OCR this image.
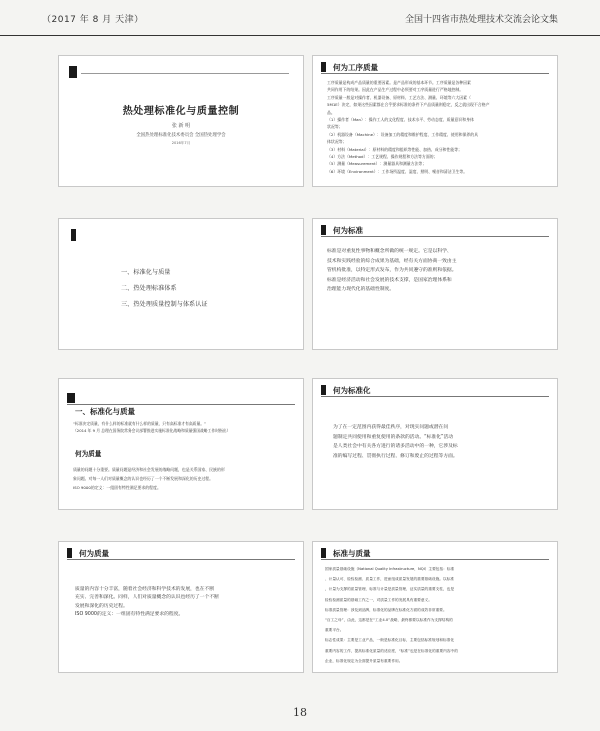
（2017 年 8 月 天津）	全国十四省市热处理技术交流会论文集
热处理标准化与质量控制
张 新 明
全国热处理标准化技术委员会 全国热处理学会
2016年7月
何为工序质量
工序质量是构成产品质量的重要因素。是产品形成的基本环节。工序质量是各种因素
共同作用下的结果。因此在产品生产过程中必须要对工序质量进行严格地控制。
工序质量一般是对操作者、机器设备、原材料、工艺方法、测量、环境等六大因素（
5M1E）决定，如果这些因素都在合乎要求标准的条件下产品质量则稳定，反之就出现不合格产
品。
（1）操作者（Man）：操作工人的文化程度、技术水平、劳动态度、质量意识和身体
状况等；
（2）机器设备（Machine）：设备加工的精度和维护程度、工作精度、使用和保养的具
体状况等；
（3）材料（Material）：原材料的精度和组织等性能、加热、成分和性能等；
（4）方法（Method）：工艺规程、操作规程和方法等方面的；
（5）测量（Measurement）：测量器具和测量方法等；
（6）环境（Environment）：工作场所温度、湿度、照明、噪音和清洁卫生等。
一、标准化与质量
二、热处理标准体系
三、热处理质量控制与体系认证
何为标准
标准是对重复性事物和概念所做的统一规定。它是以科学、
技术和实践经验的综合成果为基础，经有关方面协商一致由主
管机构批准，以特定形式发布，作为共同遵守的准则和依据。
标准是经济活动和社会发展的技术支撑，是国家治理体系和
治理能力现代化的基础性制度。
一、标准化与质量
“标准决定质量，有什么样的标准就有什么样的质量，只有高标准才有高质量。”
（2014 年 9 月 总理在国务院常务会议部署推进实施标准化战略和质量强国战略工作时指出）
何为质量
质量的问题十分重要。质量问题是经济和社会发展的战略问题，也是关系国家、民族的形
象问题。对每一人们对质量概念的认识也经历了一个不断发展和深化的历史过程。
ISO 9000的定义：一组固有特性满足要求的程度。
何为标准化
为了在一定范围内获得最佳秩序，对现实问题或潜在问
题制定共同使用和重复使用的条款的活动。“标准化”活动
是人类社会中有关各方进行的诸多活动中的一种，它涉及标
准的编写过程、贯彻执行过程、修订和废止的过程等方面。
何为质量
质量的内容十分丰富，随着社会经济和科学技术的发展，也在不断
充实、完善和深化。同样，人们对质量概念的认识也经历了一个不断
发展和深化的历史过程。
ISO 9000的定义：一组固有特性满足要求的程度。
标准与质量
国家质量基础设施（National Quality Infrastructure，NQI）主要包括：标准
、计量认可、检验检测、质量工作，进而组成质量发展的重要基础设施。以标准
，计量为支撑的质量管理、标准与计量是质量管理，证实质量的重要支柱，也是
检验检测质量的基础工作之一，对质量工作的发展具有重要意义。
标准质量管理：涉及到品牌，标准化的品牌在标准化方面的成效非常重要。
“百工之母”，由此，这都是在“工业4.0”战略，最终都要以标准作为支撑结构的
重要平台。
标志性成果：主要是工业产品，一般是标准化目标，主要包括标准规划和标准化
重要内容的工作，提高标准化质量的适应度，“标准”也是在标准化的重要内容中的
企业，标准化规定为全面提升质量有重要作用。
18
